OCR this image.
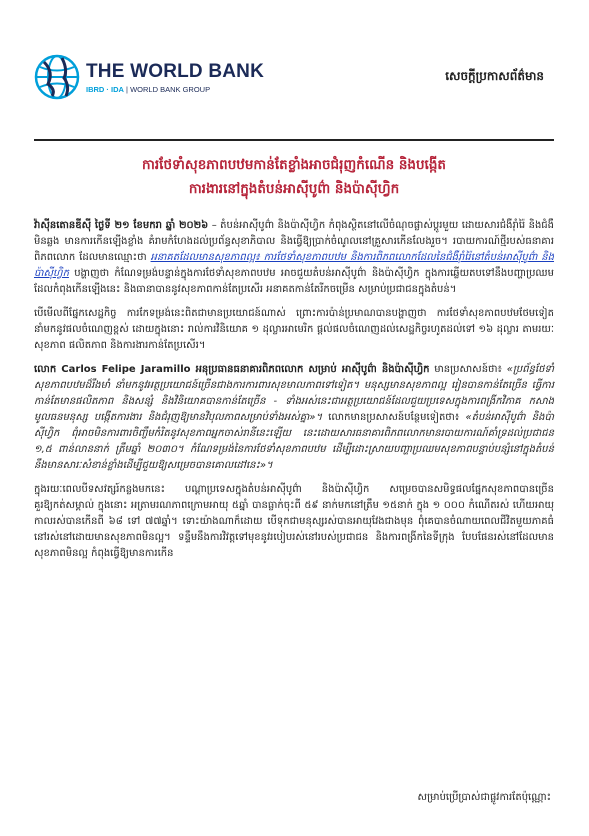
THE WORLD BANK
IBRD · IDA | WORLD BANK GROUP
សេចក្ដីប្រកាសព័ត៌មាន
ការថែទាំសុខភាពបឋមកាន់តែខ្លាំងអាចជំរុញកំណើន និងបង្កើត
ការងារនៅក្នុងតំបន់អាស៊ីបូព៌ា និងប៉ាស៊ីហ្វិក

វ៉ាស៊ីនតោនឌីស៊ី ថ្ងៃទី ២១ ខែមករា ឆ្នាំ ២០២៦ – តំបន់អាស៊ីបូព៌ា និងប៉ាស៊ីហ្វិក កំពុងស្ថិតនៅលើចំណុចផ្លាស់ប្ដូរមួយ ដោយសារជំងឺរ៉ាំរ៉ៃ និងជំងឺមិនឆ្លង មានការកើនឡើងខ្លាំង គំរាមកំហែងដល់ប្រព័ន្ធសុខាភិបាល និងធ្វើឱ្យប្រាក់ចំណូលនៅគ្រួសារកើនលែងរួច។ របាយការណ៍ថ្មីរបស់ធនាគារពិភពលោក ដែលមានឈ្មោះថា អនាគតដែលមានសុខភាពល្អ៖ ការថែទាំសុខភាពបឋម និងការពិភពលោកដែលនៃជំងឺរ៉ាំរ៉ៃនៅតំបន់អាស៊ីបូព៌ា និងប៉ាស៊ីហ្វិក បង្ហាញថា កំណែទម្រង់បន្ទាន់ក្នុងការថែទាំសុខភាពបឋម អាចជួយតំបន់អាស៊ីបូព៌ា និងប៉ាស៊ីហ្វិក ក្នុងការឆ្លើយតបទៅនឹងបញ្ហាប្រឈមដែលកំពុងកើនឡើងនេះ និងធានាបាននូវសុខភាពកាន់តែប្រសើរ អនាគតកាន់តែរីកចម្រើន សម្រាប់ប្រជាជនក្នុងតំបន់។

បើមើលពីផ្នែកសេដ្ឋកិច្ច ការកែទម្រង់នេះពិតជាមានប្រយោជន៍ណាស់ ព្រោះការប៉ាន់ប្រមាណបានបង្ហាញថា ការថែទាំសុខភាពបឋមថែមទៀត នាំមកនូវផលចំណេញខ្ពស់ ដោយក្នុងនោះ រាល់ការវិនិយោគ ១ ដុល្លារអាមេរិក ផ្ដល់ផលចំណេញដល់សេដ្ឋកិច្ចរហូតដល់ទៅ ១៦ ដុល្លារ តាមរយៈសុខភាព ផលិតភាព និងការងារកាន់តែប្រសើរ។

លោក Carlos Felipe Jaramillo អនុប្រធានធនាគារពិភពលោក សម្រាប់ អាស៊ីបូព៌ា និងប៉ាស៊ីហ្វិក មានប្រសាសន៍ថា៖ «ប្រព័ន្ធថែទាំសុខភាពបឋមដ៏រឹងមាំ នាំមកនូវអត្ថប្រយោជន៍ច្រើនជាងការការពារសុខមាលភាពទៅទៀត។ មនុស្សមានសុខភាពល្អ រៀនបានកាន់តែច្រើន ធ្វើការកាន់តែមានផលិតភាព និងសន្សំ និងវិនិយោគបានកាន់តែច្រើន - ទាំងអស់នេះជាអត្ថប្រយោជន៍ដែលជួយប្រទេសក្នុងការពង្រីកវិភាគ កសាងមូលធនមនុស្ស បង្កើតការងារ និងជំរុញឱ្យមានវិបុលភាពសម្រាប់ទាំងអស់គ្នា»។ លោកមានប្រសាសន៍បន្ថែមទៀតថា៖ «តំបន់អាស៊ីបូព៌ា និងប៉ាស៊ីហ្វិក ពុំអាចមិនការពារចិញ្ចឹមកំរិតនូវសុខភាពអ្នកចាស់រានីនេះឡើយ នេះដោយសារធនាគារពិភពលោកមានរបាយការណ៍គាំទ្រដល់ប្រជាជន ១,៥ ពាន់លាននាក់ ត្រឹមឆ្នាំ ២០៣០។ កំណែទម្រង់នៃការថែទាំសុខភាពបឋម ដើម្បីដោះស្រាយបញ្ហាប្រឈមសុខភាពបន្ទាប់បន្សំនៅក្នុងតំបន់ នឹងមានសារៈសំខាន់ខ្លាំងដើម្បីជួយឱ្យសម្រេចបានគោលដៅនេះ»។

ក្នុងរយៈពេលបីទសវត្សរ៍កន្លងមកនេះ បណ្ដាប្រទេសក្នុងតំបន់អាស៊ីបូព៌ា និងប៉ាស៊ីហ្វិក សម្រេចបានសមិទ្ធផលផ្នែកសុខភាពបានច្រើនគួរឱ្យកត់សម្គាល់ ក្នុងនោះ អត្រាមរណភាពក្រោមអាយុ ៥ឆ្នាំ បានធ្លាក់ចុះពី ៥៩ នាក់មកនៅត្រឹម ១៥នាក់ ក្នុង ១ ០០០ កំណើតរស់ ហើយអាយុកាលរស់បានកើនពី ៦៨ ទៅ ៧៧ឆ្នាំ។ ទោះយ៉ាងណាក៏ដោយ បើទុកជាមនុស្សរស់បានអាយុវែងជាងមុន ពុំគេបានចំណាយពេលជីវិតមួយភាគធំនៅរស់នៅដោយមានសុខភាពមិនល្អ។ ទន្ទឹមនឹងការវិវត្តទៅមុខនូវរបៀបរស់នៅរបស់ប្រជាជន និងការពង្រីកនៃទីក្រុង បែបផែនរស់នៅដែលមានសុខភាពមិនល្អ កំពុងធ្វើឱ្យមានការកើន

សម្រាប់ប្រើប្រាស់ជាផ្លូវការតែប៉ុណ្ណោះ
